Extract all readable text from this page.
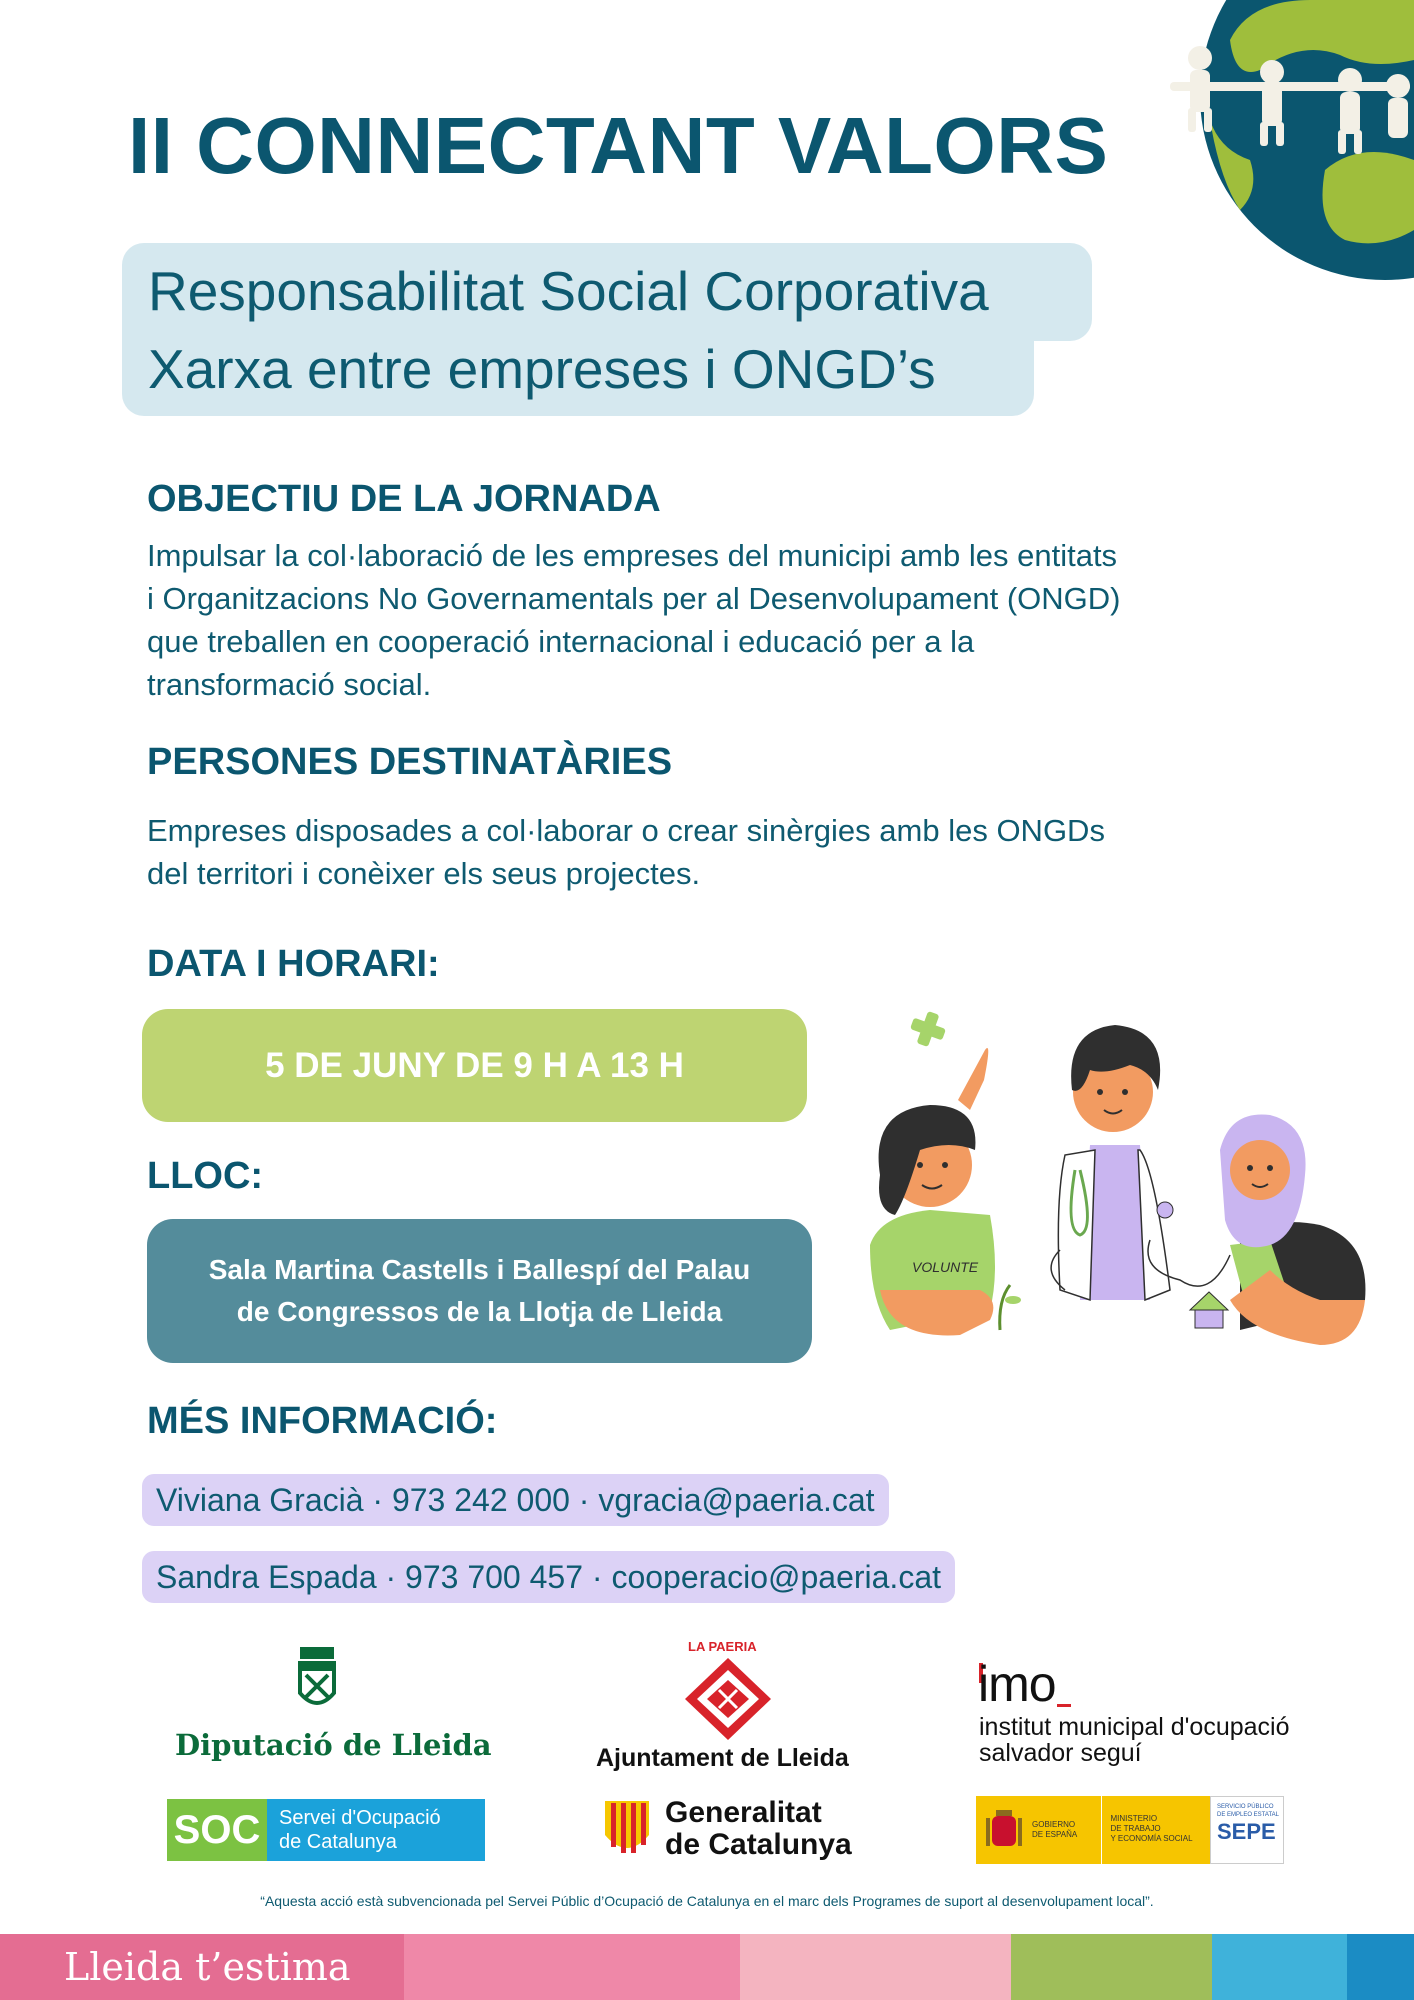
II CONNECTANT VALORS
Responsabilitat Social Corporativa
Xarxa entre empreses i ONGD’s
OBJECTIU DE LA JORNADA
Impulsar la col·laboració de les empreses del municipi amb les entitats
i Organitzacions No Governamentals per al Desenvolupament (ONGD)
que treballen en cooperació internacional i educació per a la
transformació social.
PERSONES DESTINATÀRIES
Empreses disposades a col·laborar o crear sinèrgies amb les ONGDs
del territori i conèixer els seus projectes.
DATA I HORARI:
5 DE JUNY DE 9 H A 13 H
LLOC:
Sala Martina Castells i Ballespí del Palau
de Congressos de la Llotja de Lleida
VOLUNTE
MÉS INFORMACIÓ:
Viviana Gracià · 973 242 000 · vgracia@paeria.cat
Sandra Espada · 973 700 457 · cooperacio@paeria.cat
Diputació de Lleida
LA PAERIA
Ajuntament de Lleida
imo
institut municipal d'ocupació
salvador seguí
SOC Servei d'Ocupació
de Catalunya
Generalitat
de Catalunya
GOBIERNO
DE ESPAÑA
MINISTERIO
DE TRABAJO
Y ECONOMÍA SOCIAL
SERVICIO PÚBLICO
DE EMPLEO ESTATAL
SEPE
“Aquesta acció està subvencionada pel Servei Públic d’Ocupació de Catalunya en el marc dels Programes de suport al desenvolupament local”.
Lleida t’estima
